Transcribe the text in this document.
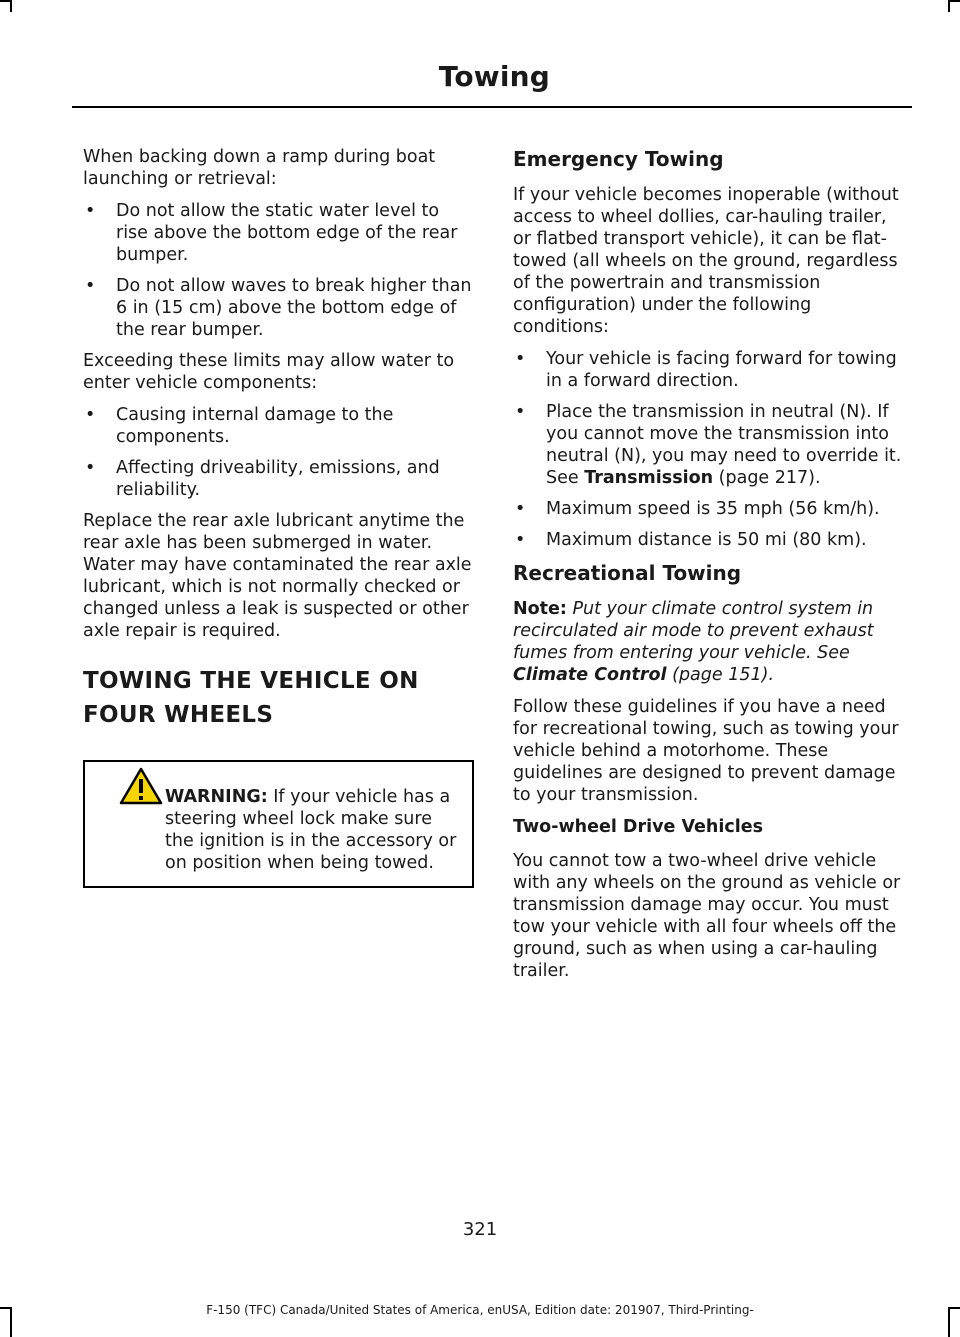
Towing

When backing down a ramp during boat launching or retrieval:

• Do not allow the static water level to rise above the bottom edge of the rear bumper.
• Do not allow waves to break higher than 6 in (15 cm) above the bottom edge of the rear bumper.

Exceeding these limits may allow water to enter vehicle components:

• Causing internal damage to the components.
• Affecting driveability, emissions, and reliability.

Replace the rear axle lubricant anytime the rear axle has been submerged in water. Water may have contaminated the rear axle lubricant, which is not normally checked or changed unless a leak is suspected or other axle repair is required.

TOWING THE VEHICLE ON
FOUR WHEELS
WARNING: If your vehicle has a steering wheel lock make sure the ignition is in the accessory or on position when being towed.
Emergency Towing

If your vehicle becomes inoperable (without access to wheel dollies, car-hauling trailer, or flatbed transport vehicle), it can be flat-towed (all wheels on the ground, regardless of the powertrain and transmission configuration) under the following conditions:

• Your vehicle is facing forward for towing in a forward direction.
• Place the transmission in neutral (N). If you cannot move the transmission into neutral (N), you may need to override it. See Transmission (page 217).
• Maximum speed is 35 mph (56 km/h).
• Maximum distance is 50 mi (80 km).
Recreational Towing

Note: Put your climate control system in recirculated air mode to prevent exhaust fumes from entering your vehicle. See Climate Control (page 151).

Follow these guidelines if you have a need for recreational towing, such as towing your vehicle behind a motorhome. These guidelines are designed to prevent damage to your transmission.

Two-wheel Drive Vehicles

You cannot tow a two-wheel drive vehicle with any wheels on the ground as vehicle or transmission damage may occur. You must tow your vehicle with all four wheels off the ground, such as when using a car-hauling trailer.

321
F-150 (TFC) Canada/United States of America, enUSA, Edition date: 201907, Third-Printing-
